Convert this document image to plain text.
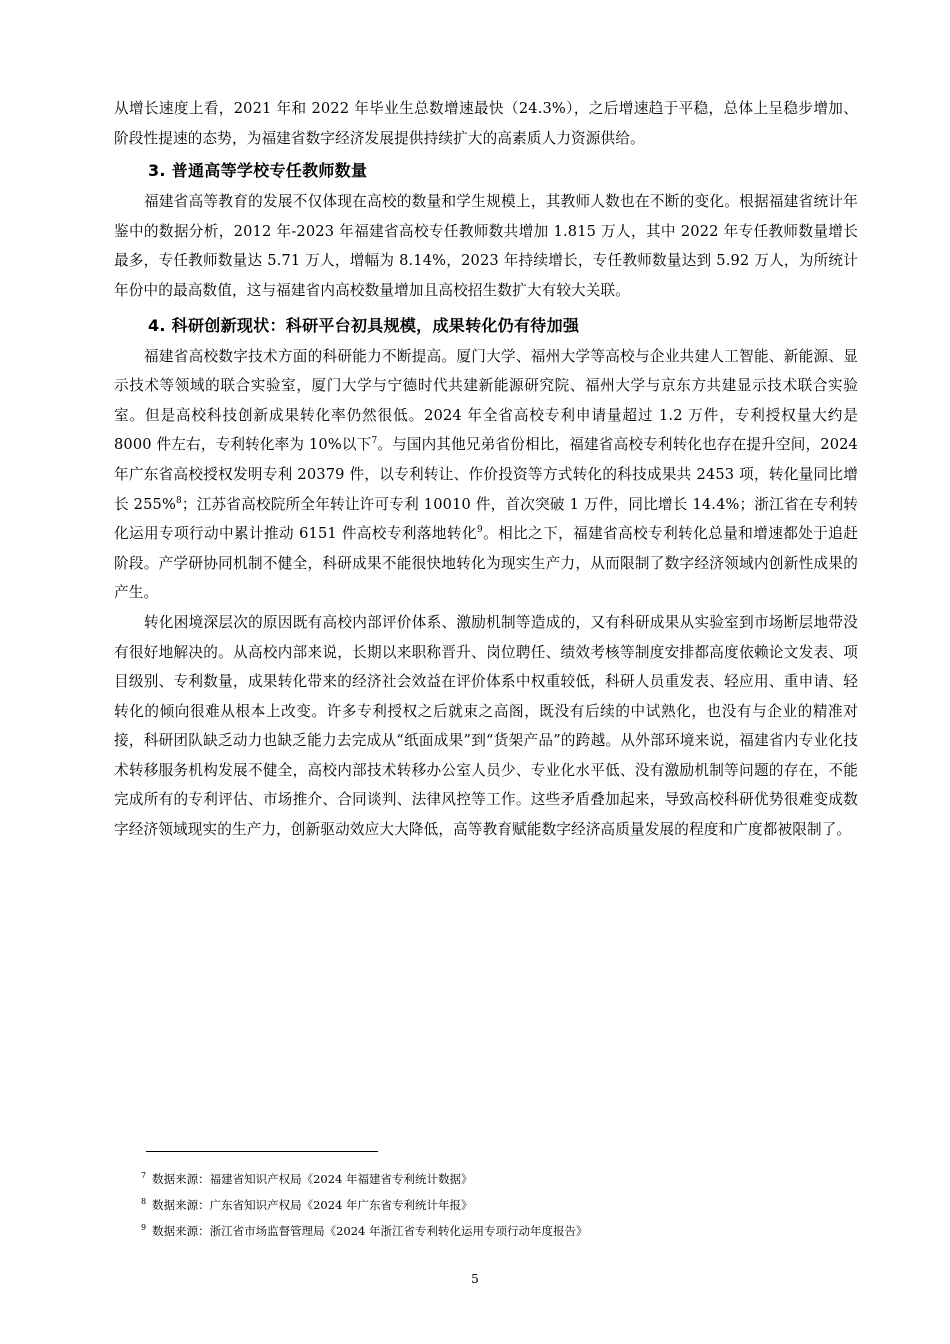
从增长速度上看，2021 年和 2022 年毕业生总数增速最快（24.3%），之后增速趋于平稳，总体上呈稳步增加、阶段性提速的态势，为福建省数字经济发展提供持续扩大的高素质人力资源供给。

3. 普通高等学校专任教师数量

福建省高等教育的发展不仅体现在高校的数量和学生规模上，其教师人数也在不断的变化。根据福建省统计年鉴中的数据分析，2012 年-2023 年福建省高校专任教师数共增加 1.815 万人，其中 2022 年专任教师数量增长最多，专任教师数量达 5.71 万人，增幅为 8.14%，2023 年持续增长，专任教师数量达到 5.92 万人，为所统计年份中的最高数值，这与福建省内高校数量增加且高校招生数扩大有较大关联。

4. 科研创新现状：科研平台初具规模，成果转化仍有待加强

福建省高校数字技术方面的科研能力不断提高。厦门大学、福州大学等高校与企业共建人工智能、新能源、显示技术等领域的联合实验室，厦门大学与宁德时代共建新能源研究院、福州大学与京东方共建显示技术联合实验室。但是高校科技创新成果转化率仍然很低。2024 年全省高校专利申请量超过 1.2 万件，专利授权量大约是 8000 件左右，专利转化率为 10%以下$^7$。与国内其他兄弟省份相比，福建省高校专利转化也存在提升空间，2024 年广东省高校授权发明专利 20379 件，以专利转让、作价投资等方式转化的科技成果共 2453 项，转化量同比增长 255%$^8$；江苏省高校院所全年转让许可专利 10010 件，首次突破 1 万件，同比增长 14.4%；浙江省在专利转化运用专项行动中累计推动 6151 件高校专利落地转化$^9$。相比之下，福建省高校专利转化总量和增速都处于追赶阶段。产学研协同机制不健全，科研成果不能很快地转化为现实生产力，从而限制了数字经济领域内创新性成果的产生。

转化困境深层次的原因既有高校内部评价体系、激励机制等造成的，又有科研成果从实验室到市场断层地带没有很好地解决的。从高校内部来说，长期以来职称晋升、岗位聘任、绩效考核等制度安排都高度依赖论文发表、项目级别、专利数量，成果转化带来的经济社会效益在评价体系中权重较低，科研人员重发表、轻应用、重申请、轻转化的倾向很难从根本上改变。许多专利授权之后就束之高阁，既没有后续的中试熟化，也没有与企业的精准对接，科研团队缺乏动力也缺乏能力去完成从“纸面成果”到“货架产品”的跨越。从外部环境来说，福建省内专业化技术转移服务机构发展不健全，高校内部技术转移办公室人员少、专业化水平低、没有激励机制等问题的存在，不能完成所有的专利评估、市场推介、合同谈判、法律风控等工作。这些矛盾叠加起来，导致高校科研优势很难变成数字经济领域现实的生产力，创新驱动效应大大降低，高等教育赋能数字经济高质量发展的程度和广度都被限制了。

$^7$ 数据来源：福建省知识产权局《2024 年福建省专利统计数据》
$^8$ 数据来源：广东省知识产权局《2024 年广东省专利统计年报》
$^9$ 数据来源：浙江省市场监督管理局《2024 年浙江省专利转化运用专项行动年度报告》
5
